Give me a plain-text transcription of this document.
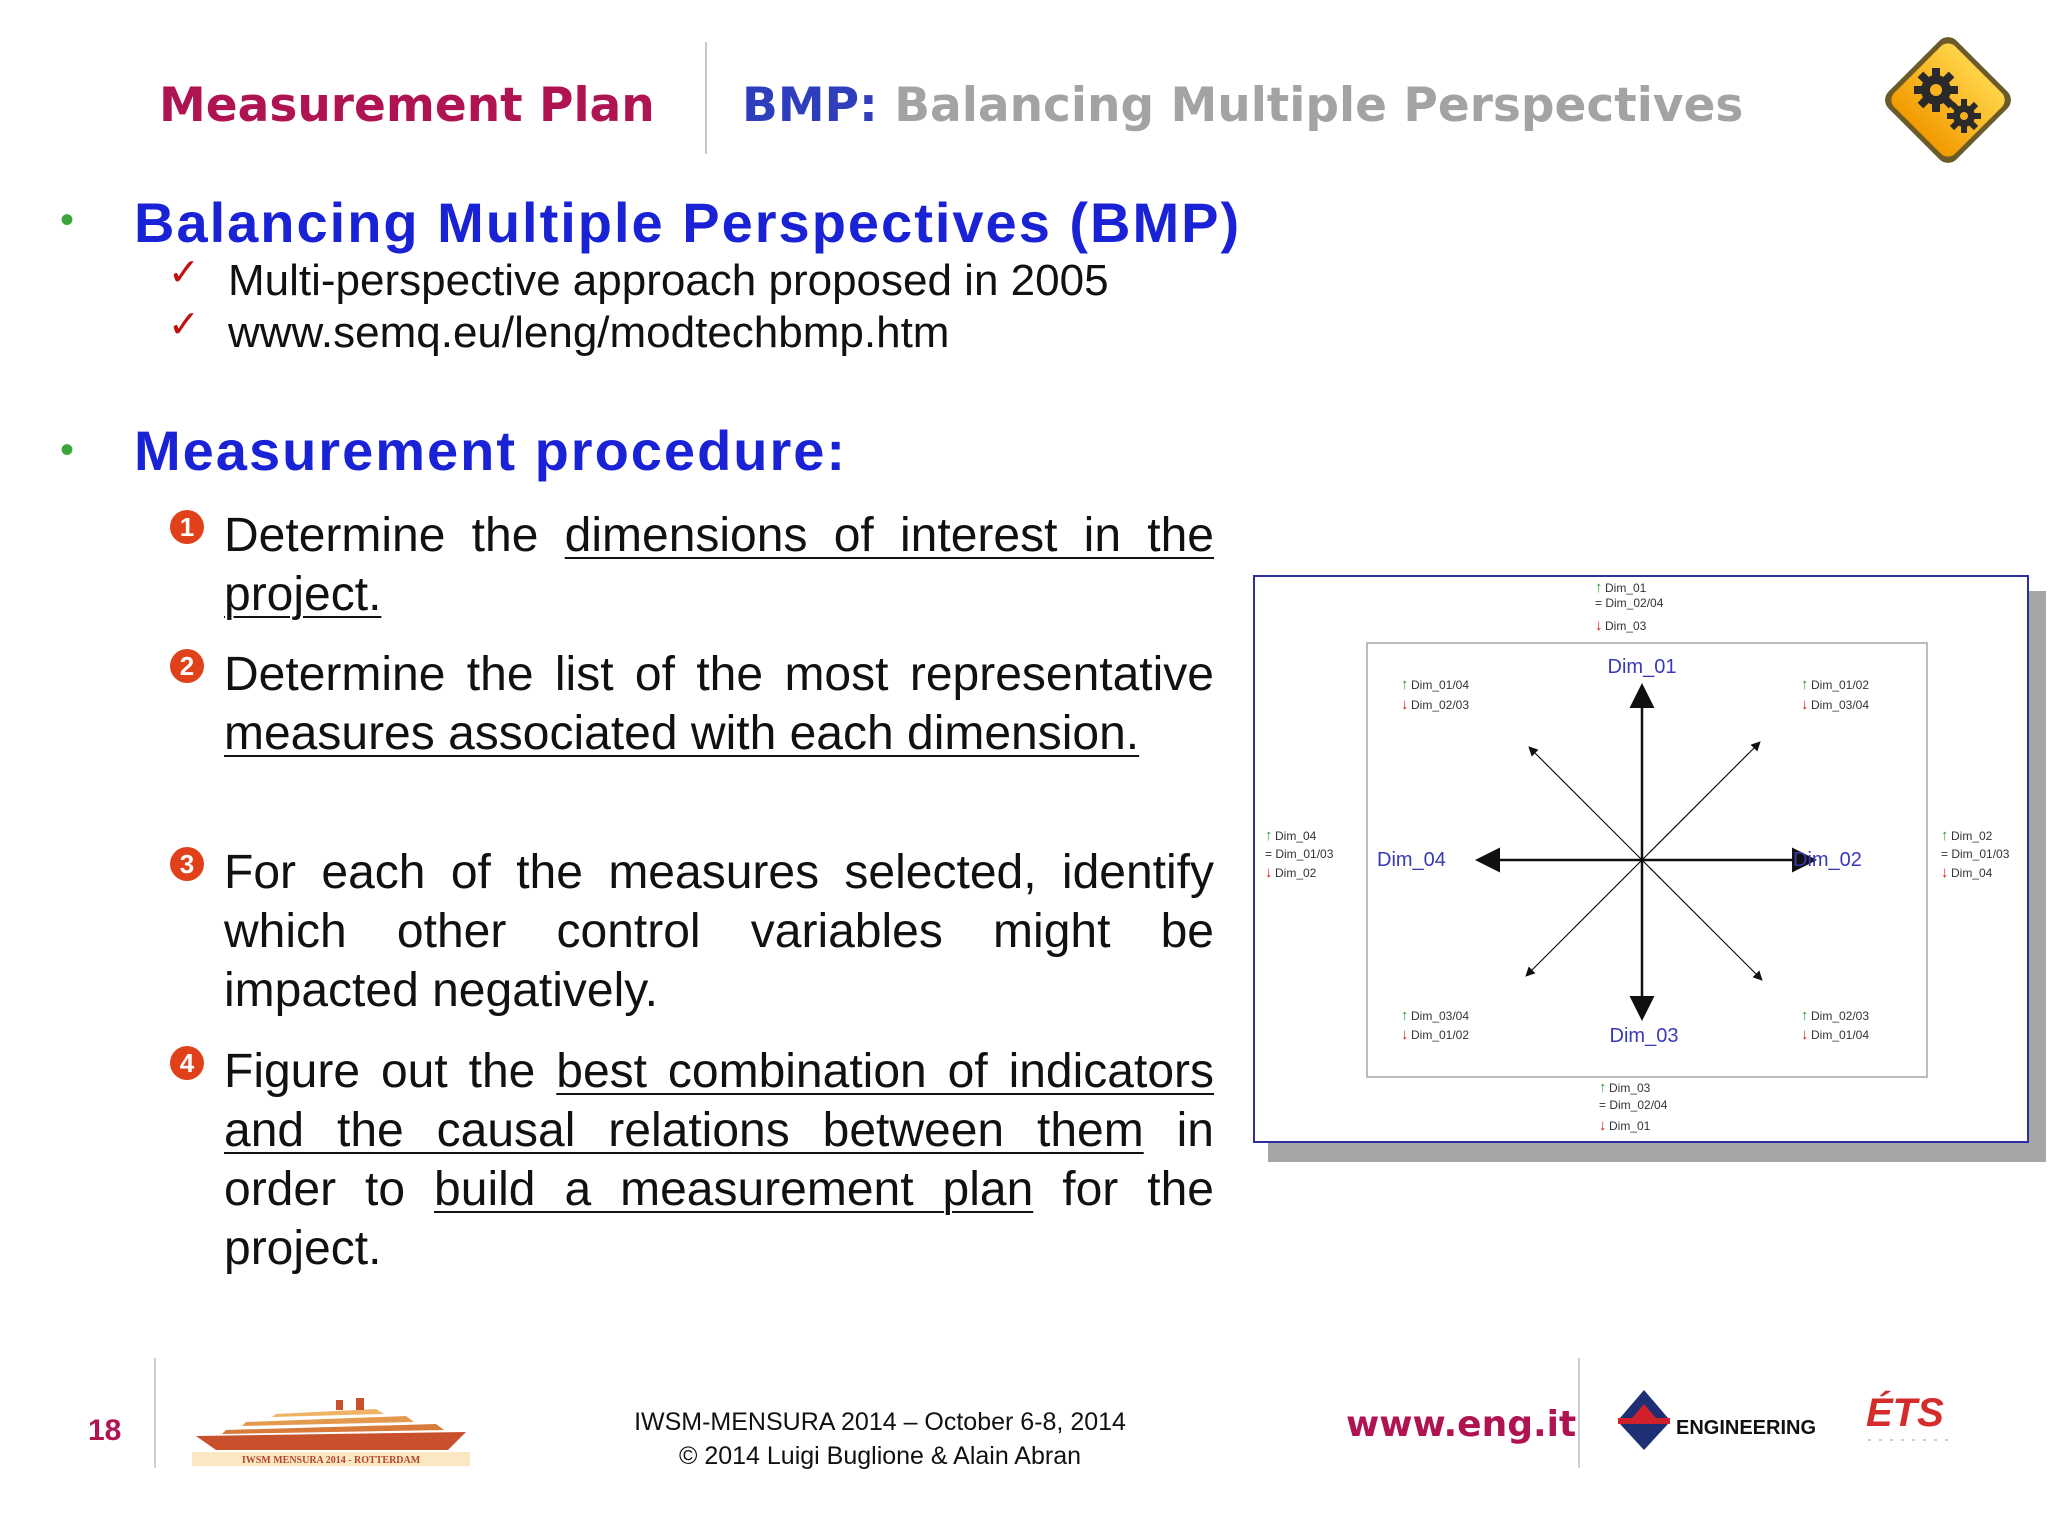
Measurement Plan BMP: Balancing Multiple Perspectives
• Balancing Multiple Perspectives (BMP)
✓ Multi-perspective approach proposed in 2005
✓ www.semq.eu/leng/modtechbmp.htm
• Measurement procedure:
1 Determine the dimensions of interest in the project.
2 Determine the list of the most representative measures associated with each dimension.
3 For each of the measures selected, identify which other control variables might be impacted negatively.
4 Figure out the best combination of indicators and the causal relations between them in order to build a measurement plan for the project.
Dim_01
Dim_02
Dim_03
Dim_04
↑ Dim_01
= Dim_02/04
↓ Dim_03
↑ Dim_03
= Dim_02/04
↓ Dim_01
↑ Dim_04
= Dim_01/03
↓ Dim_02
↑ Dim_02
= Dim_01/03
↓ Dim_04
↑ Dim_01/04
↓ Dim_02/03
↑ Dim_01/02
↓ Dim_03/04
↑ Dim_03/04
↓ Dim_01/02
↑ Dim_02/03
↓ Dim_01/04
18
IWSM MENSURA 2014 - ROTTERDAM
IWSM-MENSURA 2014 – October 6-8, 2014
© 2014 Luigi Buglione & Alain Abran
www.eng.it	ENGINEERING ÉTS
